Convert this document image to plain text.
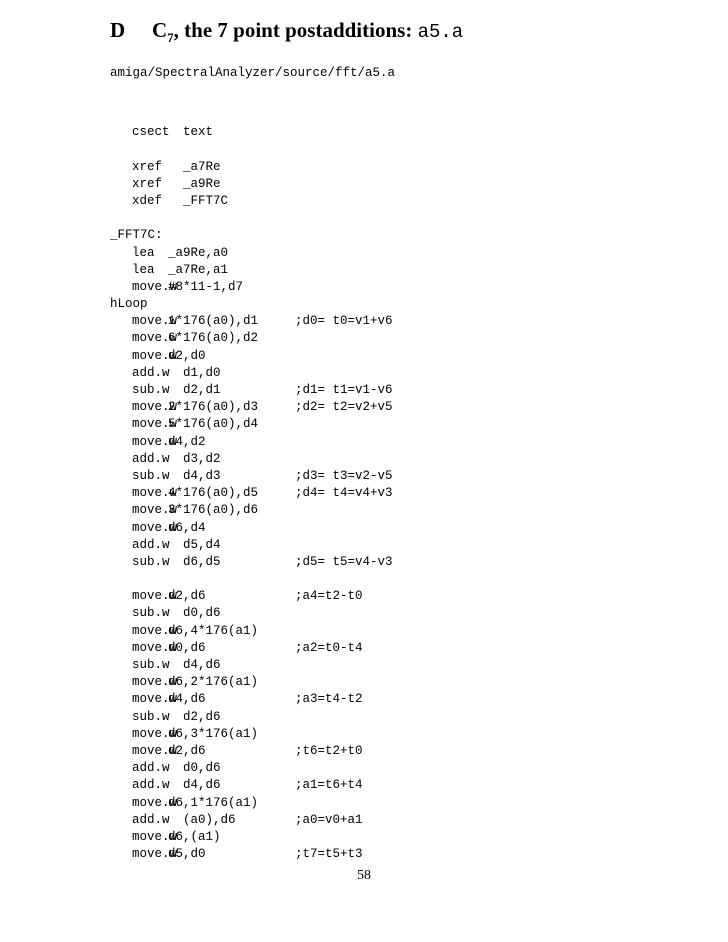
D $C_7$, the 7 point postadditions: a5.a
amiga/SpectralAnalyzer/source/fft/a5.a
csect text
xref _a7Re
xref _a9Re
xdef _FFT7C
_FFT7C:
lea _a9Re,a0
lea _a7Re,a1
move.w
#8*11-1,d7
hLoop
move.w
1*176(a0),d1	;d0= t0=v1+v6
move.w
6*176(a0),d2
move.w
d2,d0
add.w d1,d0
sub.w d2,d1	;d1= t1=v1-v6
move.w
2*176(a0),d3	;d2= t2=v2+v5
move.w
5*176(a0),d4
move.w
d4,d2
add.w d3,d2
sub.w d4,d3	;d3= t3=v2-v5
move.w
4*176(a0),d5	;d4= t4=v4+v3
move.w
3*176(a0),d6
move.w
d6,d4
add.w d5,d4
sub.w d6,d5	;d5= t5=v4-v3
move.w
d2,d6	;a4=t2-t0
sub.w d0,d6
move.w
d6,4*176(a1)
move.w
d0,d6	;a2=t0-t4
sub.w d4,d6
move.w
d6,2*176(a1)
move.w
d4,d6	;a3=t4-t2
sub.w d2,d6
move.w
d6,3*176(a1)
move.w
d2,d6	;t6=t2+t0
add.w d0,d6
add.w d4,d6	;a1=t6+t4
move.w
d6,1*176(a1)
add.w (a0),d6	;a0=v0+a1
move.w
d6,(a1)
move.w
d5,d0	;t7=t5+t3
58
